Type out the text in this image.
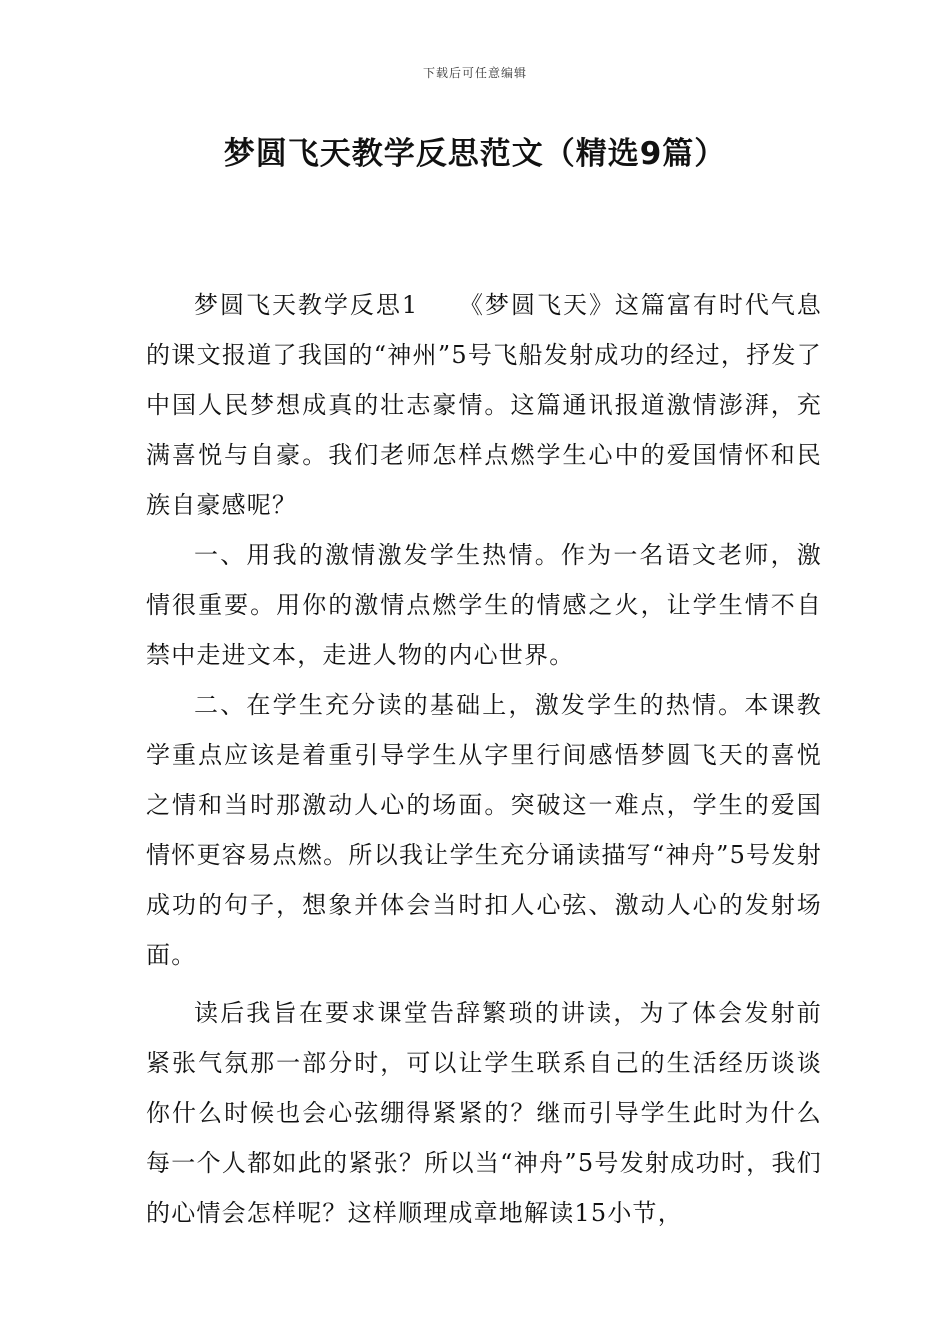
下载后可任意编辑
梦圆飞天教学反思范文（精选9篇）

梦圆飞天教学反思1　　《梦圆飞天》这篇富有时代气息的课文报道了我国的“神州”5号飞船发射成功的经过，抒发了中国人民梦想成真的壮志豪情。这篇通讯报道激情澎湃，充满喜悦与自豪。我们老师怎样点燃学生心中的爱国情怀和民族自豪感呢？

一、用我的激情激发学生热情。作为一名语文老师，激情很重要。用你的激情点燃学生的情感之火，让学生情不自禁中走进文本，走进人物的内心世界。

二、在学生充分读的基础上，激发学生的热情。本课教学重点应该是着重引导学生从字里行间感悟梦圆飞天的喜悦之情和当时那激动人心的场面。突破这一难点，学生的爱国情怀更容易点燃。所以我让学生充分诵读描写“神舟”5号发射成功的句子，想象并体会当时扣人心弦、激动人心的发射场面。

读后我旨在要求课堂告辞繁琐的讲读，为了体会发射前紧张气氛那一部分时，可以让学生联系自己的生活经历谈谈你什么时候也会心弦绷得紧紧的？继而引导学生此时为什么每一个人都如此的紧张？所以当“神舟”5号发射成功时，我们的心情会怎样呢？这样顺理成章地解读15小节，
